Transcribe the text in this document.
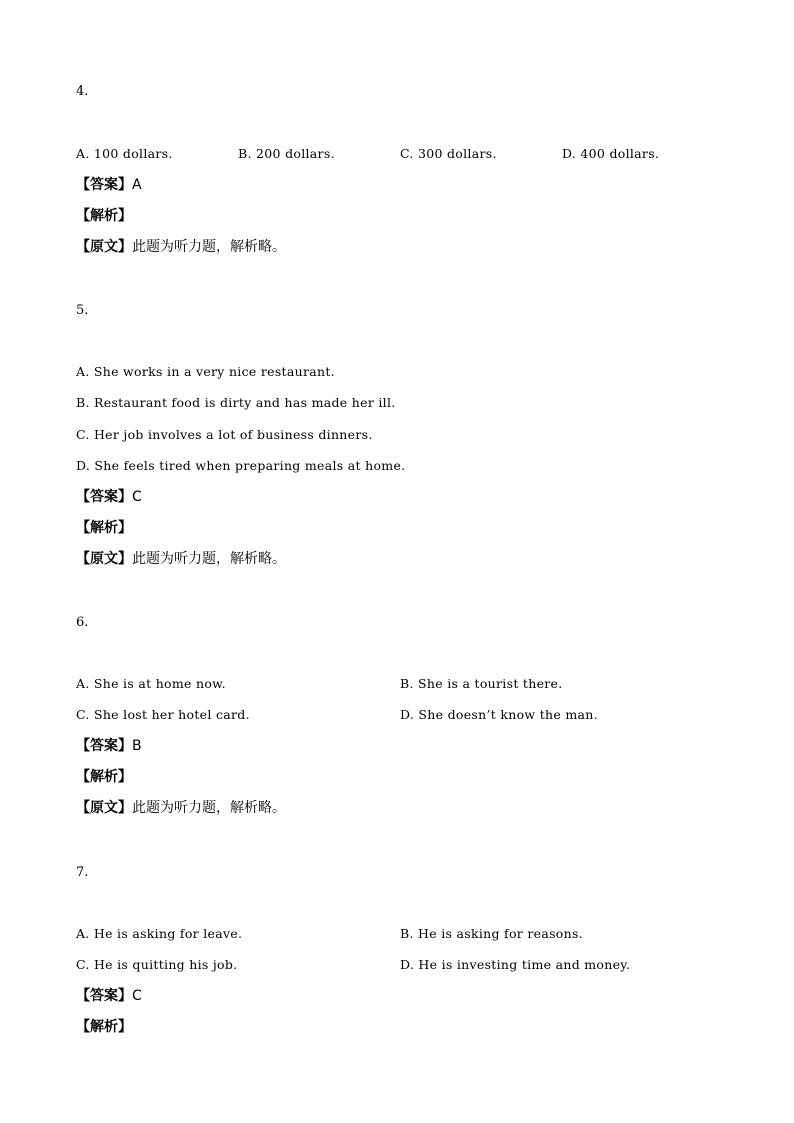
4.
A. 100 dollars.	B. 200 dollars.	C. 300 dollars.	D. 400 dollars.
【答案】A
【解析】
【原文】此题为听力题，解析略。
5.
A. She works in a very nice restaurant.
B. Restaurant food is dirty and has made her ill.
C. Her job involves a lot of business dinners.
D. She feels tired when preparing meals at home.
【答案】C
【解析】
【原文】此题为听力题，解析略。
6.
A. She is at home now.	B. She is a tourist there.
C. She lost her hotel card.	D. She doesn’t know the man.
【答案】B
【解析】
【原文】此题为听力题，解析略。
7.
A. He is asking for leave.	B. He is asking for reasons.
C. He is quitting his job.	D. He is investing time and money.
【答案】C
【解析】
